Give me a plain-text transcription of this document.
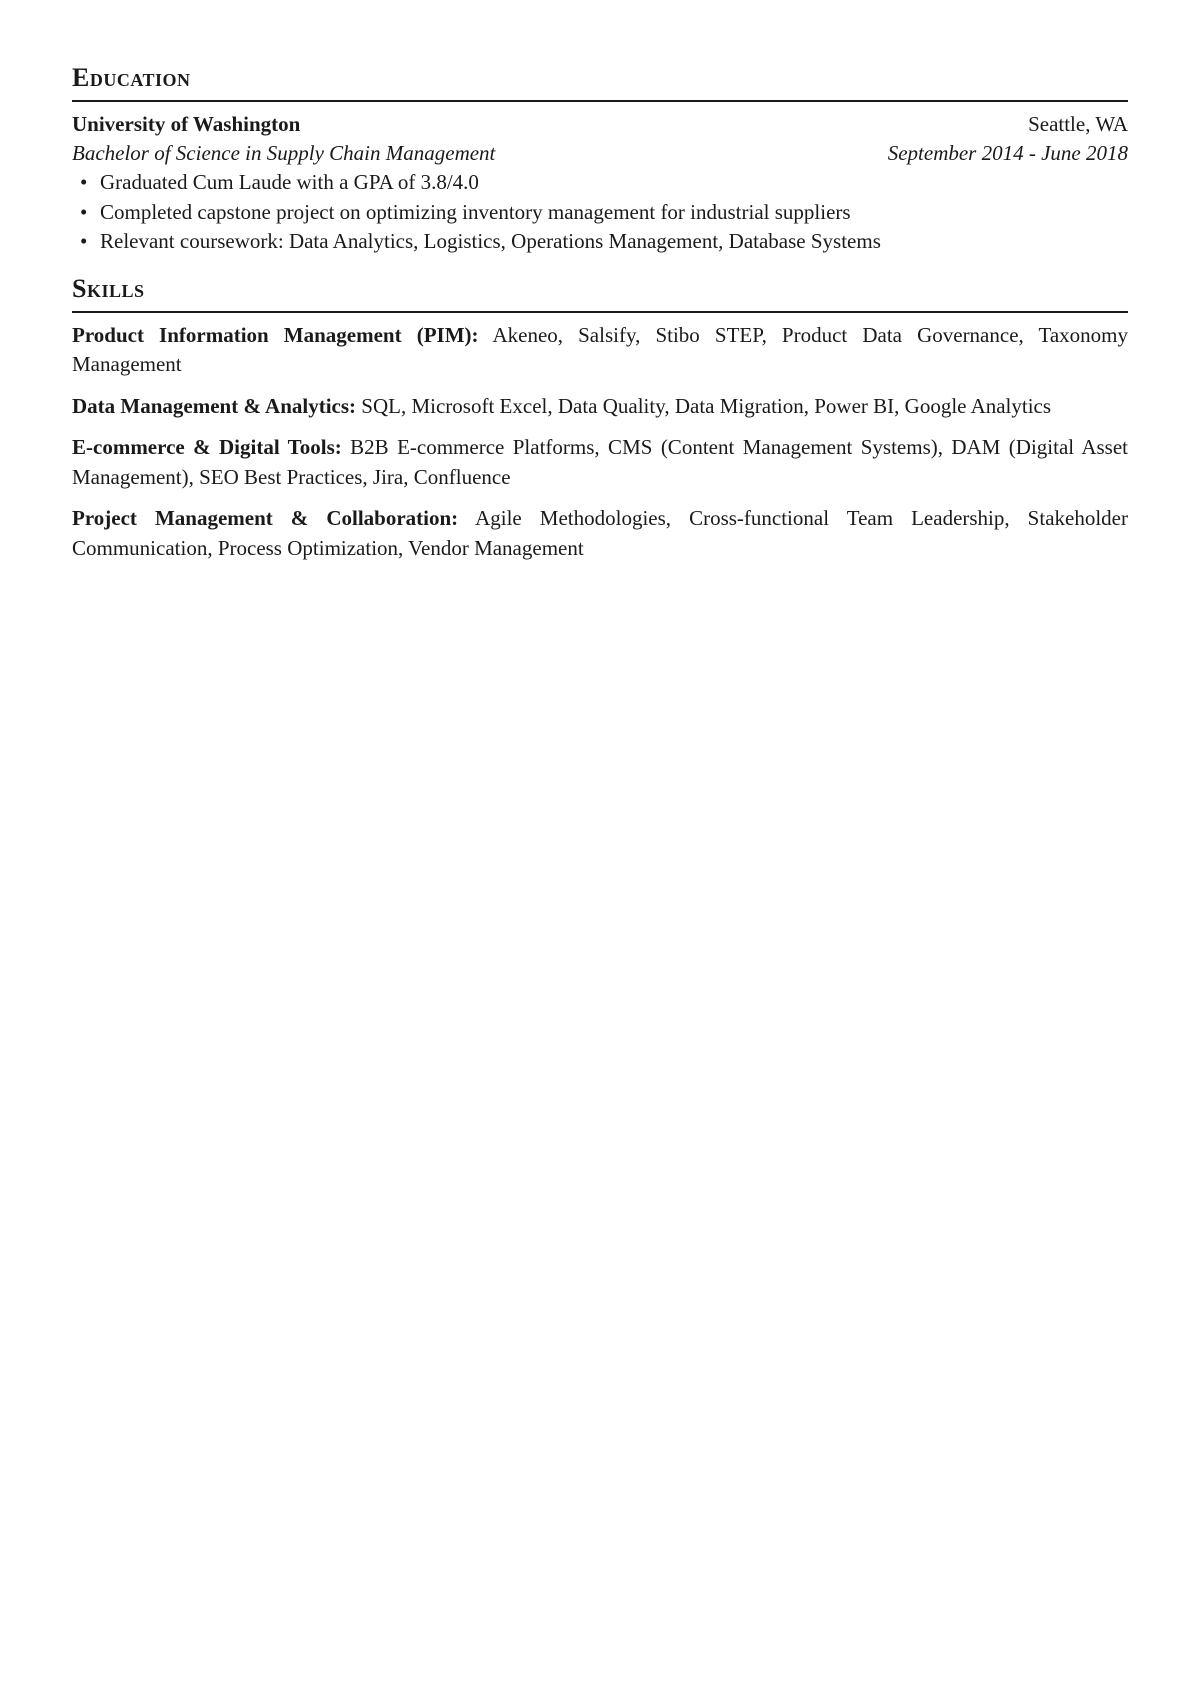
Education
University of Washington	Seattle, WA
Bachelor of Science in Supply Chain Management	September 2014 - June 2018
• Graduated Cum Laude with a GPA of 3.8/4.0
• Completed capstone project on optimizing inventory management for industrial suppliers
• Relevant coursework: Data Analytics, Logistics, Operations Management, Database Systems
Skills

Product Information Management (PIM): Akeneo, Salsify, Stibo STEP, Product Data Governance, Taxonomy Management

Data Management & Analytics: SQL, Microsoft Excel, Data Quality, Data Migration, Power BI, Google Analytics

E-commerce & Digital Tools: B2B E-commerce Platforms, CMS (Content Management Systems), DAM (Digital Asset Management), SEO Best Practices, Jira, Confluence

Project Management & Collaboration: Agile Methodologies, Cross-functional Team Leadership, Stakeholder Communication, Process Optimization, Vendor Management
